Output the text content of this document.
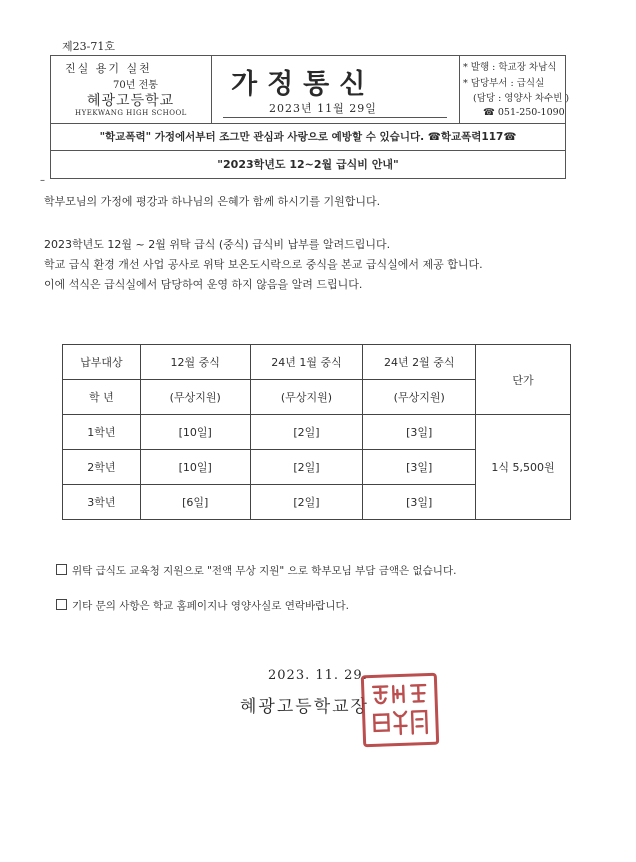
제23-71호
진실 용기 실천
70년 전통
혜광고등학교
HYEKWANG HIGH SCHOOL
가정통신
2023년 11월 29일
* 발행 : 학교장 차남식
* 담당부서 : 급식실
(담당 : 영양사 차수빈 )
☎ 051-250-1090
"학교폭력" 가정에서부터 조그만 관심과 사랑으로 예방할 수 있습니다. ☎학교폭력117☎
"2023학년도 12~2월 급식비 안내"
–
학부모님의 가정에 평강과 하나님의 은혜가 함께 하시기를 기원합니다.
2023학년도 12월 ~ 2월 위탁 급식 (중식) 급식비 납부를 알려드립니다.
학교 급식 환경 개선 사업 공사로 위탁 보온도시락으로 중식을 본교 급식실에서 제공 합니다.
이에 석식은 급식실에서 담당하여 운영 하지 않음을 알려 드립니다.
납부대상	12월 중식	24년 1월 중식	24년 2월 중식	단가
학 년	(무상지원)	(무상지원)	(무상지원)	
1학년	[10일]	[2일]	[3일]	1식 5,500원
2학년	[10일]	[2일]	[3일]	
3학년	[6일]	[2일]	[3일]	
위탁 급식도 교육청 지원으로 "전액 무상 지원" 으로 학부모님 부담 금액은 없습니다.
기타 문의 사항은 학교 홈페이지나 영양사실로 연락바랍니다.
2023. 11. 29.
혜광고등학교장
